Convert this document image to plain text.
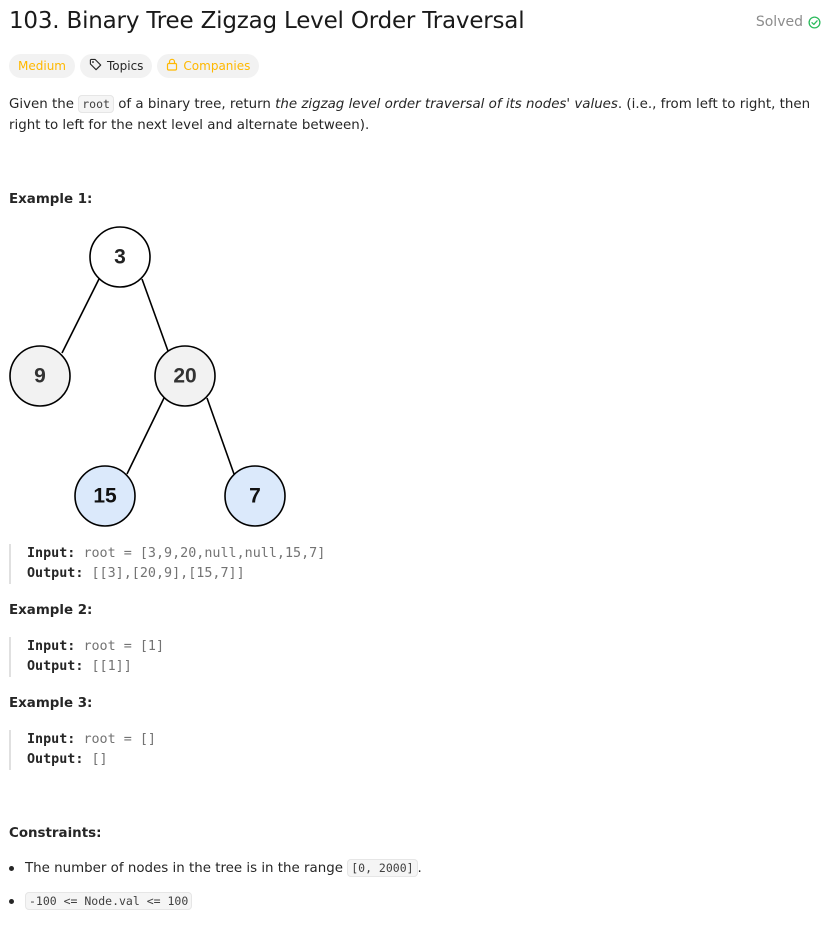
103. Binary Tree Zigzag Level Order Traversal	Solved
Medium	Topics	Companies
Given the root of a binary tree, return the zigzag level order traversal of its nodes' values. (i.e., from left to right, then right to left for the next level and alternate between).
Example 1:
3
9	20
15	7
Input: root = [3,9,20,null,null,15,7]
Output: [[3],[20,9],[15,7]]
Example 2:
Input: root = [1]
Output: [[1]]
Example 3:
Input: root = []
Output: []
Constraints:
The number of nodes in the tree is in the range [0, 2000] .
-100 <= Node.val <= 100
